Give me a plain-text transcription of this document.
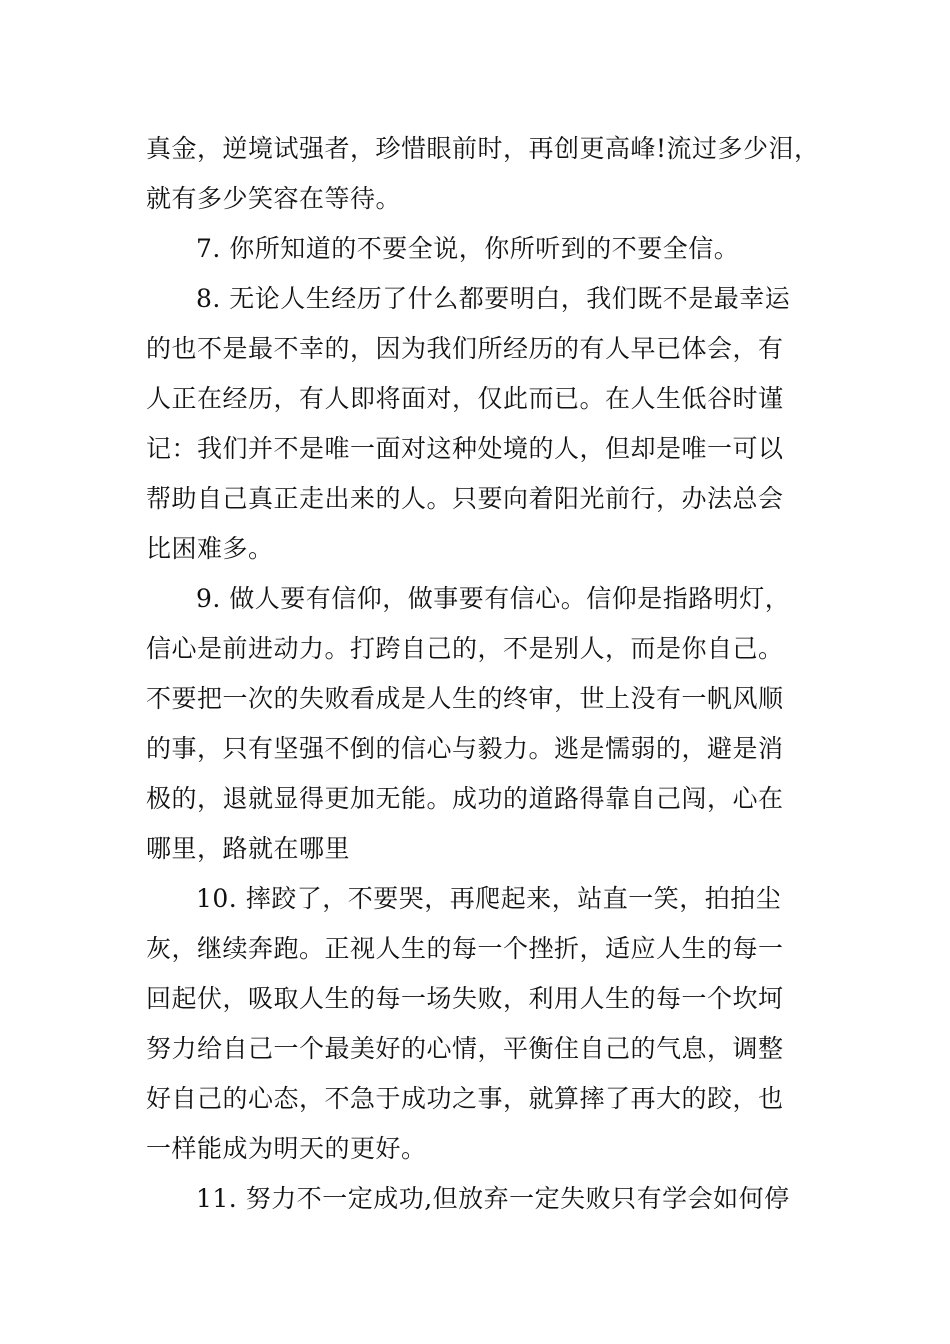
真金，逆境试强者，珍惜眼前时，再创更高峰!流过多少泪，
就有多少笑容在等待。
7. 你所知道的不要全说，你所听到的不要全信。
8. 无论人生经历了什么都要明白，我们既不是最幸运
的也不是最不幸的，因为我们所经历的有人早已体会，有
人正在经历，有人即将面对，仅此而已。在人生低谷时谨
记：我们并不是唯一面对这种处境的人，但却是唯一可以
帮助自己真正走出来的人。只要向着阳光前行，办法总会
比困难多。
9. 做人要有信仰，做事要有信心。信仰是指路明灯，
信心是前进动力。打跨自己的，不是别人，而是你自己。
不要把一次的失败看成是人生的终审，世上没有一帆风顺
的事，只有坚强不倒的信心与毅力。逃是懦弱的，避是消
极的，退就显得更加无能。成功的道路得靠自己闯，心在
哪里，路就在哪里
10. 摔跤了，不要哭，再爬起来，站直一笑，拍拍尘
灰，继续奔跑。正视人生的每一个挫折，适应人生的每一
回起伏，吸取人生的每一场失败，利用人生的每一个坎坷
努力给自己一个最美好的心情，平衡住自己的气息，调整
好自己的心态，不急于成功之事，就算摔了再大的跤，也
一样能成为明天的更好。
11. 努力不一定成功,但放弃一定失败只有学会如何停
